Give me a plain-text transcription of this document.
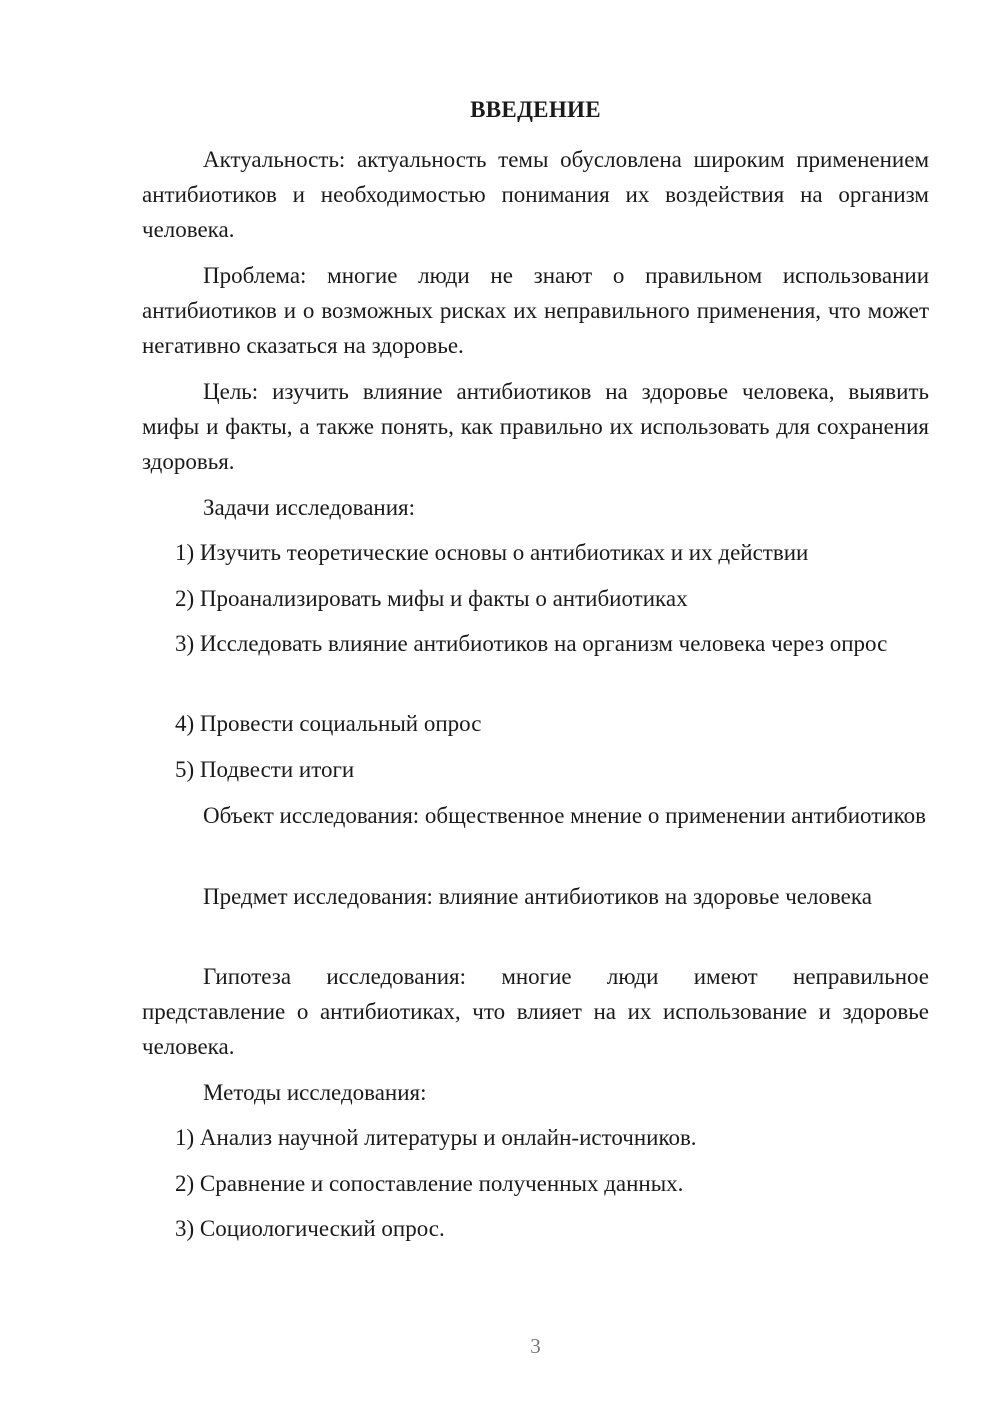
ВВЕДЕНИЕ

Актуальность: актуальность темы обусловлена широким применением антибиотиков и необходимостью понимания их воздействия на организм человека.

Проблема: многие люди не знают о правильном использовании антибиотиков и о возможных рисках их неправильного применения, что может негативно сказаться на здоровье.

Цель: изучить влияние антибиотиков на здоровье человека, выявить мифы и факты, а также понять, как правильно их использовать для сохранения здоровья.

Задачи исследования:

1) Изучить теоретические основы о антибиотиках и их действии

2) Проанализировать мифы и факты о антибиотиках

3) Исследовать влияние антибиотиков на организм человека через опрос

4) Провести социальный опрос

5) Подвести итоги

Объект исследования: общественное мнение о применении антибиотиков

Предмет исследования: влияние антибиотиков на здоровье человека

Гипотеза исследования: многие люди имеют неправильное представление о антибиотиках, что влияет на их использование и здоровье человека.

Методы исследования:

1) Анализ научной литературы и онлайн-источников.

2) Сравнение и сопоставление полученных данных.

3) Социологический опрос.

3
